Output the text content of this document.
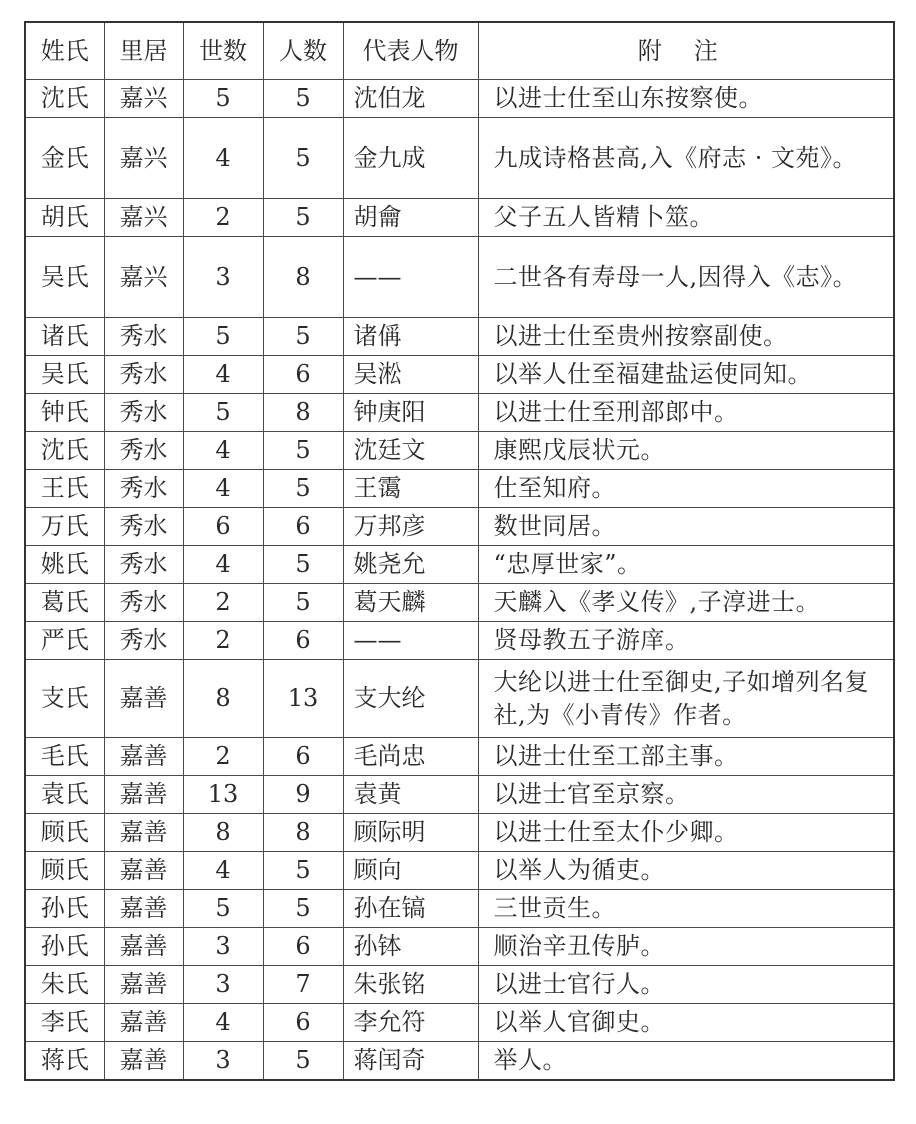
姓氏	里居	世数	人数	代表人物	附注
沈氏	嘉兴	5	5	沈伯龙	以进士仕至山东按察使。
金氏	嘉兴	4	5	金九成	九成诗格甚高,入《府志 · 文苑》。
胡氏	嘉兴	2	5	胡龠	父子五人皆精卜筮。
吴氏	嘉兴	3	8	——	二世各有寿母一人,因得入《志》。
诸氏	秀水	5	5	诸偁	以进士仕至贵州按察副使。
吴氏	秀水	4	6	吴淞	以举人仕至福建盐运使同知。
钟氏	秀水	5	8	钟庚阳	以进士仕至刑部郎中。
沈氏	秀水	4	5	沈廷文	康熙戊辰状元。
王氏	秀水	4	5	王霭	仕至知府。
万氏	秀水	6	6	万邦彦	数世同居。
姚氏	秀水	4	5	姚尧允	“忠厚世家”。
葛氏	秀水	2	5	葛天麟	天麟入《孝义传》,子淳进士。
严氏	秀水	2	6	——	贤母教五子游庠。
支氏	嘉善	8	13	支大纶	大纶以进士仕至御史,子如增列名复社,为《小青传》作者。
毛氏	嘉善	2	6	毛尚忠	以进士仕至工部主事。
袁氏	嘉善	13	9	袁黄	以进士官至京察。
顾氏	嘉善	8	8	顾际明	以进士仕至太仆少卿。
顾氏	嘉善	4	5	顾向	以举人为循吏。
孙氏	嘉善	5	5	孙在镐	三世贡生。
孙氏	嘉善	3	6	孙钵	顺治辛丑传胪。
朱氏	嘉善	3	7	朱张铭	以进士官行人。
李氏	嘉善	4	6	李允符	以举人官御史。
蒋氏	嘉善	3	5	蒋闰奇	举人。
